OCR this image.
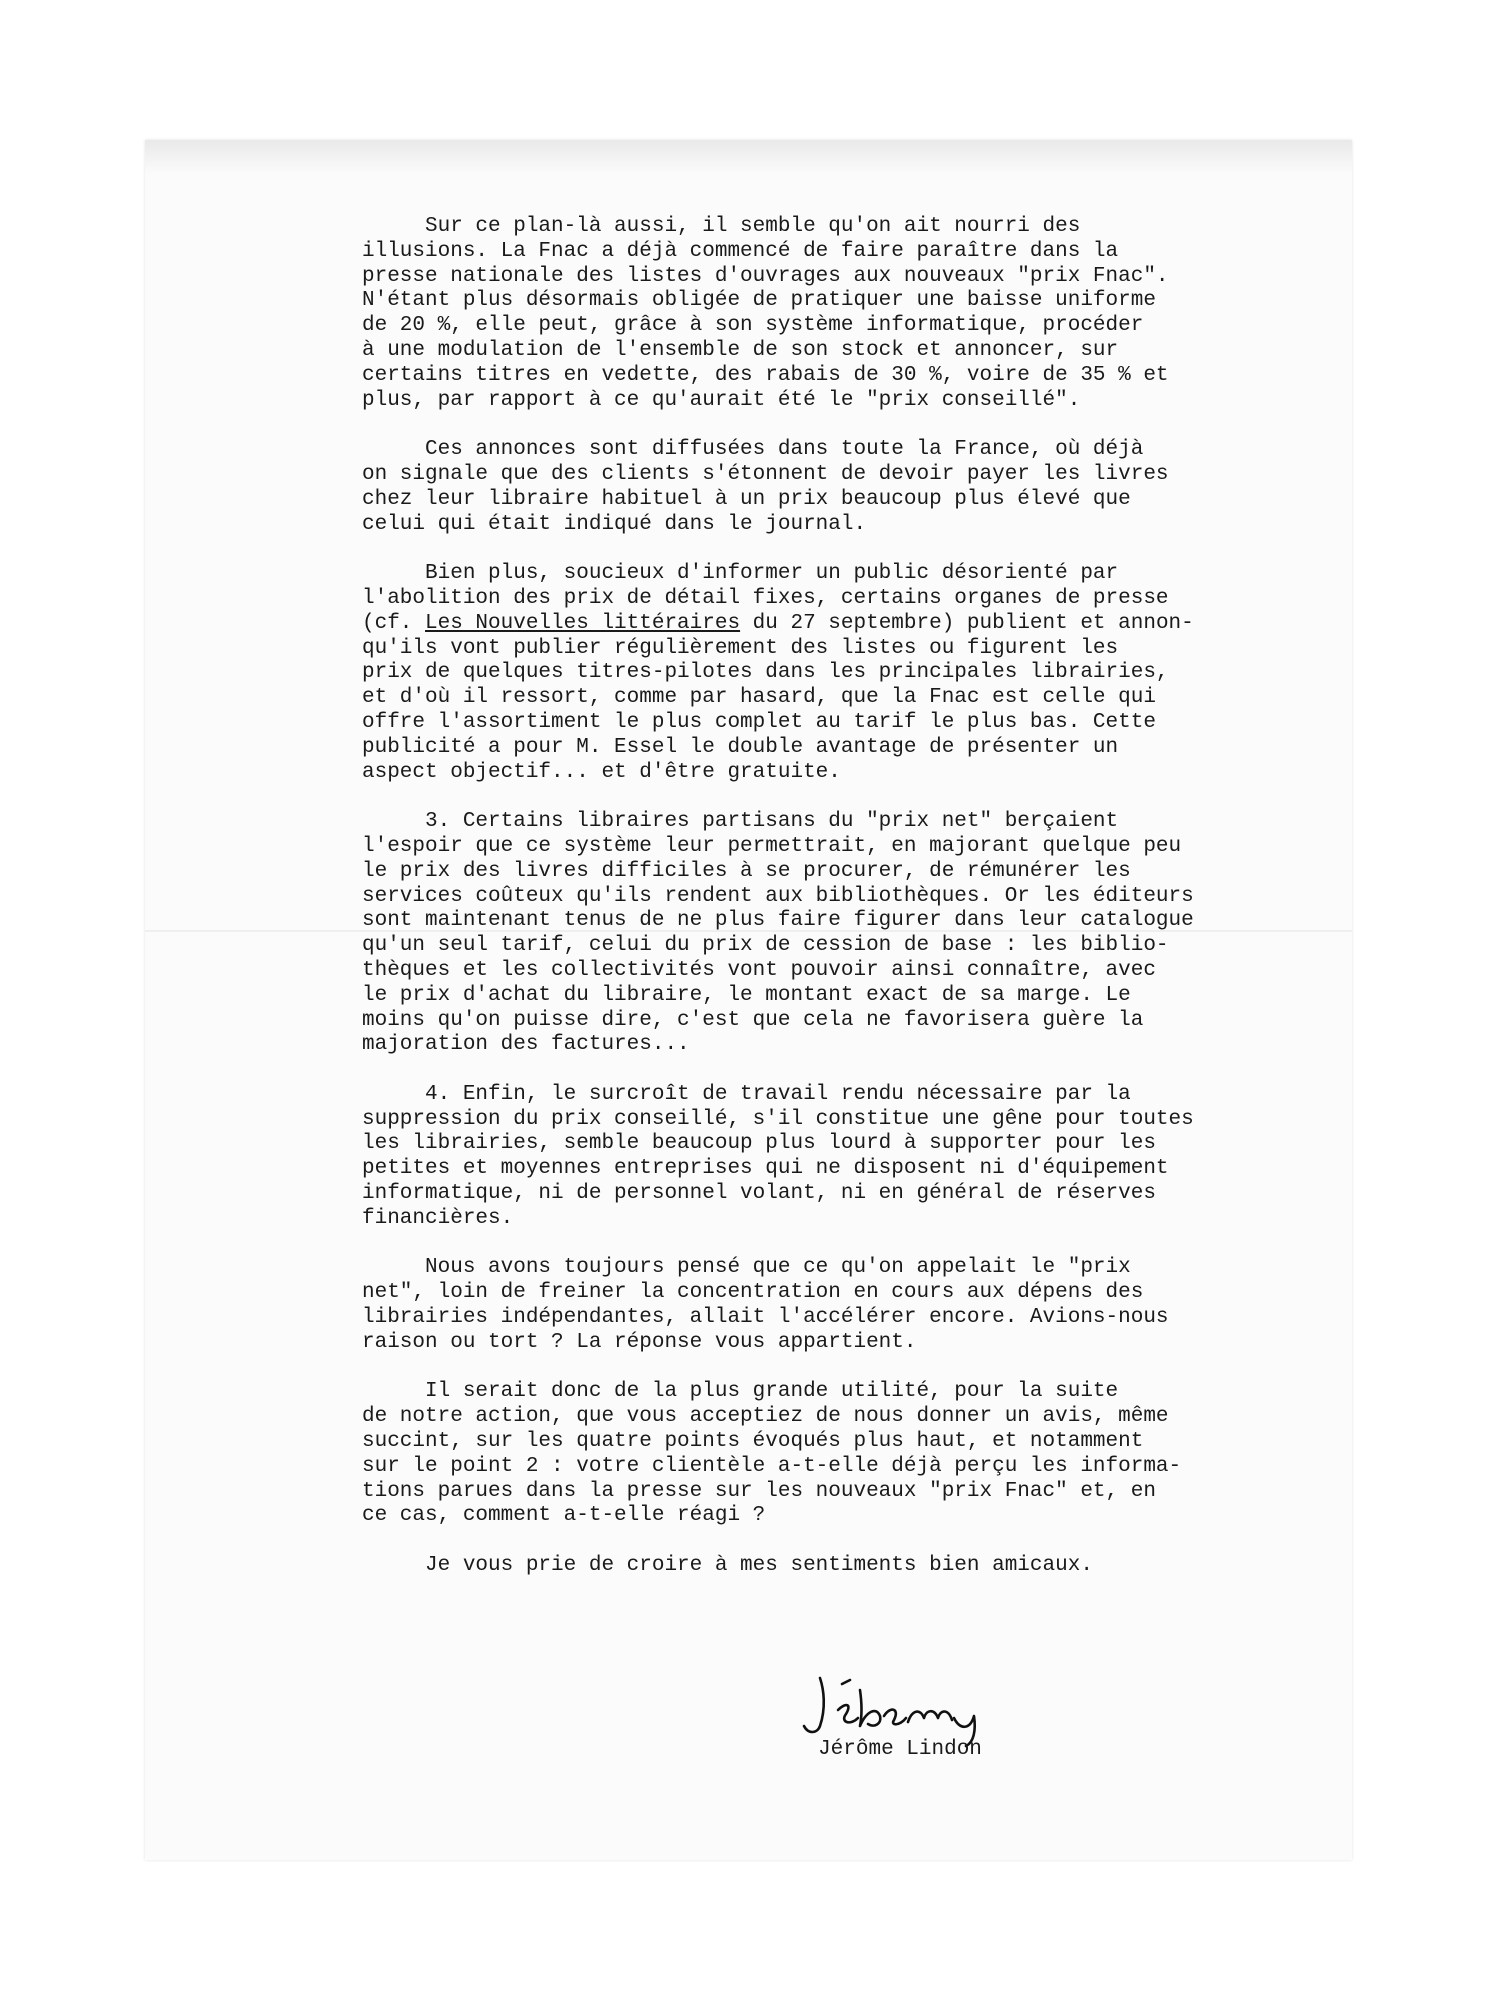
Sur ce plan-là aussi, il semble qu'on ait nourri des
illusions. La Fnac a déjà commencé de faire paraître dans la
presse nationale des listes d'ouvrages aux nouveaux "prix Fnac".
N'étant plus désormais obligée de pratiquer une baisse uniforme
de 20 %, elle peut, grâce à son système informatique, procéder
à une modulation de l'ensemble de son stock et annoncer, sur
certains titres en vedette, des rabais de 30 %, voire de 35 % et
plus, par rapport à ce qu'aurait été le "prix conseillé".
Ces annonces sont diffusées dans toute la France, où déjà
on signale que des clients s'étonnent de devoir payer les livres
chez leur libraire habituel à un prix beaucoup plus élevé que
celui qui était indiqué dans le journal.
Bien plus, soucieux d'informer un public désorienté par
l'abolition des prix de détail fixes, certains organes de presse
(cf. Les Nouvelles littéraires du 27 septembre) publient et annon-
qu'ils vont publier régulièrement des listes ou figurent les
prix de quelques titres-pilotes dans les principales librairies,
et d'où il ressort, comme par hasard, que la Fnac est celle qui
offre l'assortiment le plus complet au tarif le plus bas. Cette
publicité a pour M. Essel le double avantage de présenter un
aspect objectif... et d'être gratuite.
3. Certains libraires partisans du "prix net" berçaient
l'espoir que ce système leur permettrait, en majorant quelque peu
le prix des livres difficiles à se procurer, de rémunérer les
services coûteux qu'ils rendent aux bibliothèques. Or les éditeurs
sont maintenant tenus de ne plus faire figurer dans leur catalogue
qu'un seul tarif, celui du prix de cession de base : les biblio-
thèques et les collectivités vont pouvoir ainsi connaître, avec
le prix d'achat du libraire, le montant exact de sa marge. Le
moins qu'on puisse dire, c'est que cela ne favorisera guère la
majoration des factures...
4. Enfin, le surcroît de travail rendu nécessaire par la
suppression du prix conseillé, s'il constitue une gêne pour toutes
les librairies, semble beaucoup plus lourd à supporter pour les
petites et moyennes entreprises qui ne disposent ni d'équipement
informatique, ni de personnel volant, ni en général de réserves
financières.
Nous avons toujours pensé que ce qu'on appelait le "prix
net", loin de freiner la concentration en cours aux dépens des
librairies indépendantes, allait l'accélérer encore. Avions-nous
raison ou tort ? La réponse vous appartient.
Il serait donc de la plus grande utilité, pour la suite
de notre action, que vous acceptiez de nous donner un avis, même
succint, sur les quatre points évoqués plus haut, et notamment
sur le point 2 : votre clientèle a-t-elle déjà perçu les informa-
tions parues dans la presse sur les nouveaux "prix Fnac" et, en
ce cas, comment a-t-elle réagi ?
Je vous prie de croire à mes sentiments bien amicaux.
Jérôme Lindon
